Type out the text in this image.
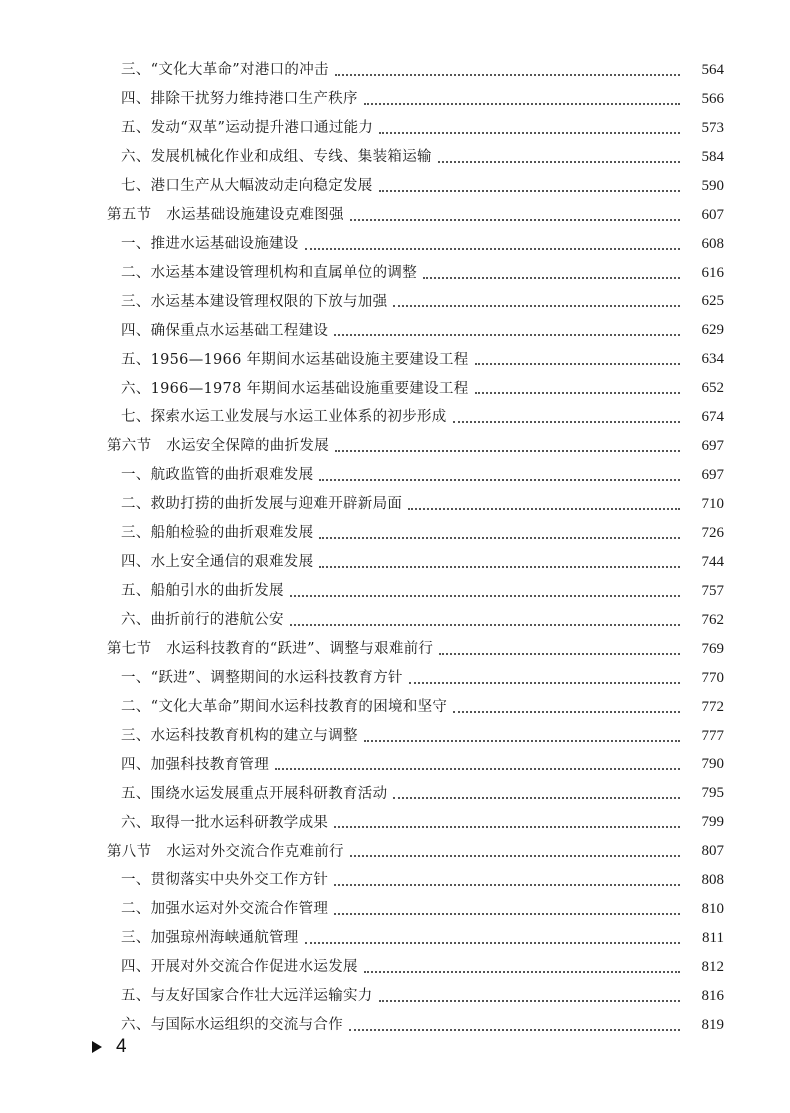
三、“文化大革命”对港口的冲击	564
四、排除干扰努力维持港口生产秩序	566
五、发动“双革”运动提升港口通过能力	573
六、发展机械化作业和成组、专线、集装箱运输	584
七、港口生产从大幅波动走向稳定发展	590
第五节　水运基础设施建设克难图强	607
一、推进水运基础设施建设	608
二、水运基本建设管理机构和直属单位的调整	616
三、水运基本建设管理权限的下放与加强	625
四、确保重点水运基础工程建设	629
五、1956—1966 年期间水运基础设施主要建设工程	634
六、1966—1978 年期间水运基础设施重要建设工程	652
七、探索水运工业发展与水运工业体系的初步形成	674
第六节　水运安全保障的曲折发展	697
一、航政监管的曲折艰难发展	697
二、救助打捞的曲折发展与迎难开辟新局面	710
三、船舶检验的曲折艰难发展	726
四、水上安全通信的艰难发展	744
五、船舶引水的曲折发展	757
六、曲折前行的港航公安	762
第七节　水运科技教育的“跃进”、调整与艰难前行	769
一、“跃进”、调整期间的水运科技教育方针	770
二、“文化大革命”期间水运科技教育的困境和坚守	772
三、水运科技教育机构的建立与调整	777
四、加强科技教育管理	790
五、围绕水运发展重点开展科研教育活动	795
六、取得一批水运科研教学成果	799
第八节　水运对外交流合作克难前行	807
一、贯彻落实中央外交工作方针	808
二、加强水运对外交流合作管理	810
三、加强琼州海峡通航管理	811
四、开展对外交流合作促进水运发展	812
五、与友好国家合作壮大远洋运输实力	816
六、与国际水运组织的交流与合作	819
4
